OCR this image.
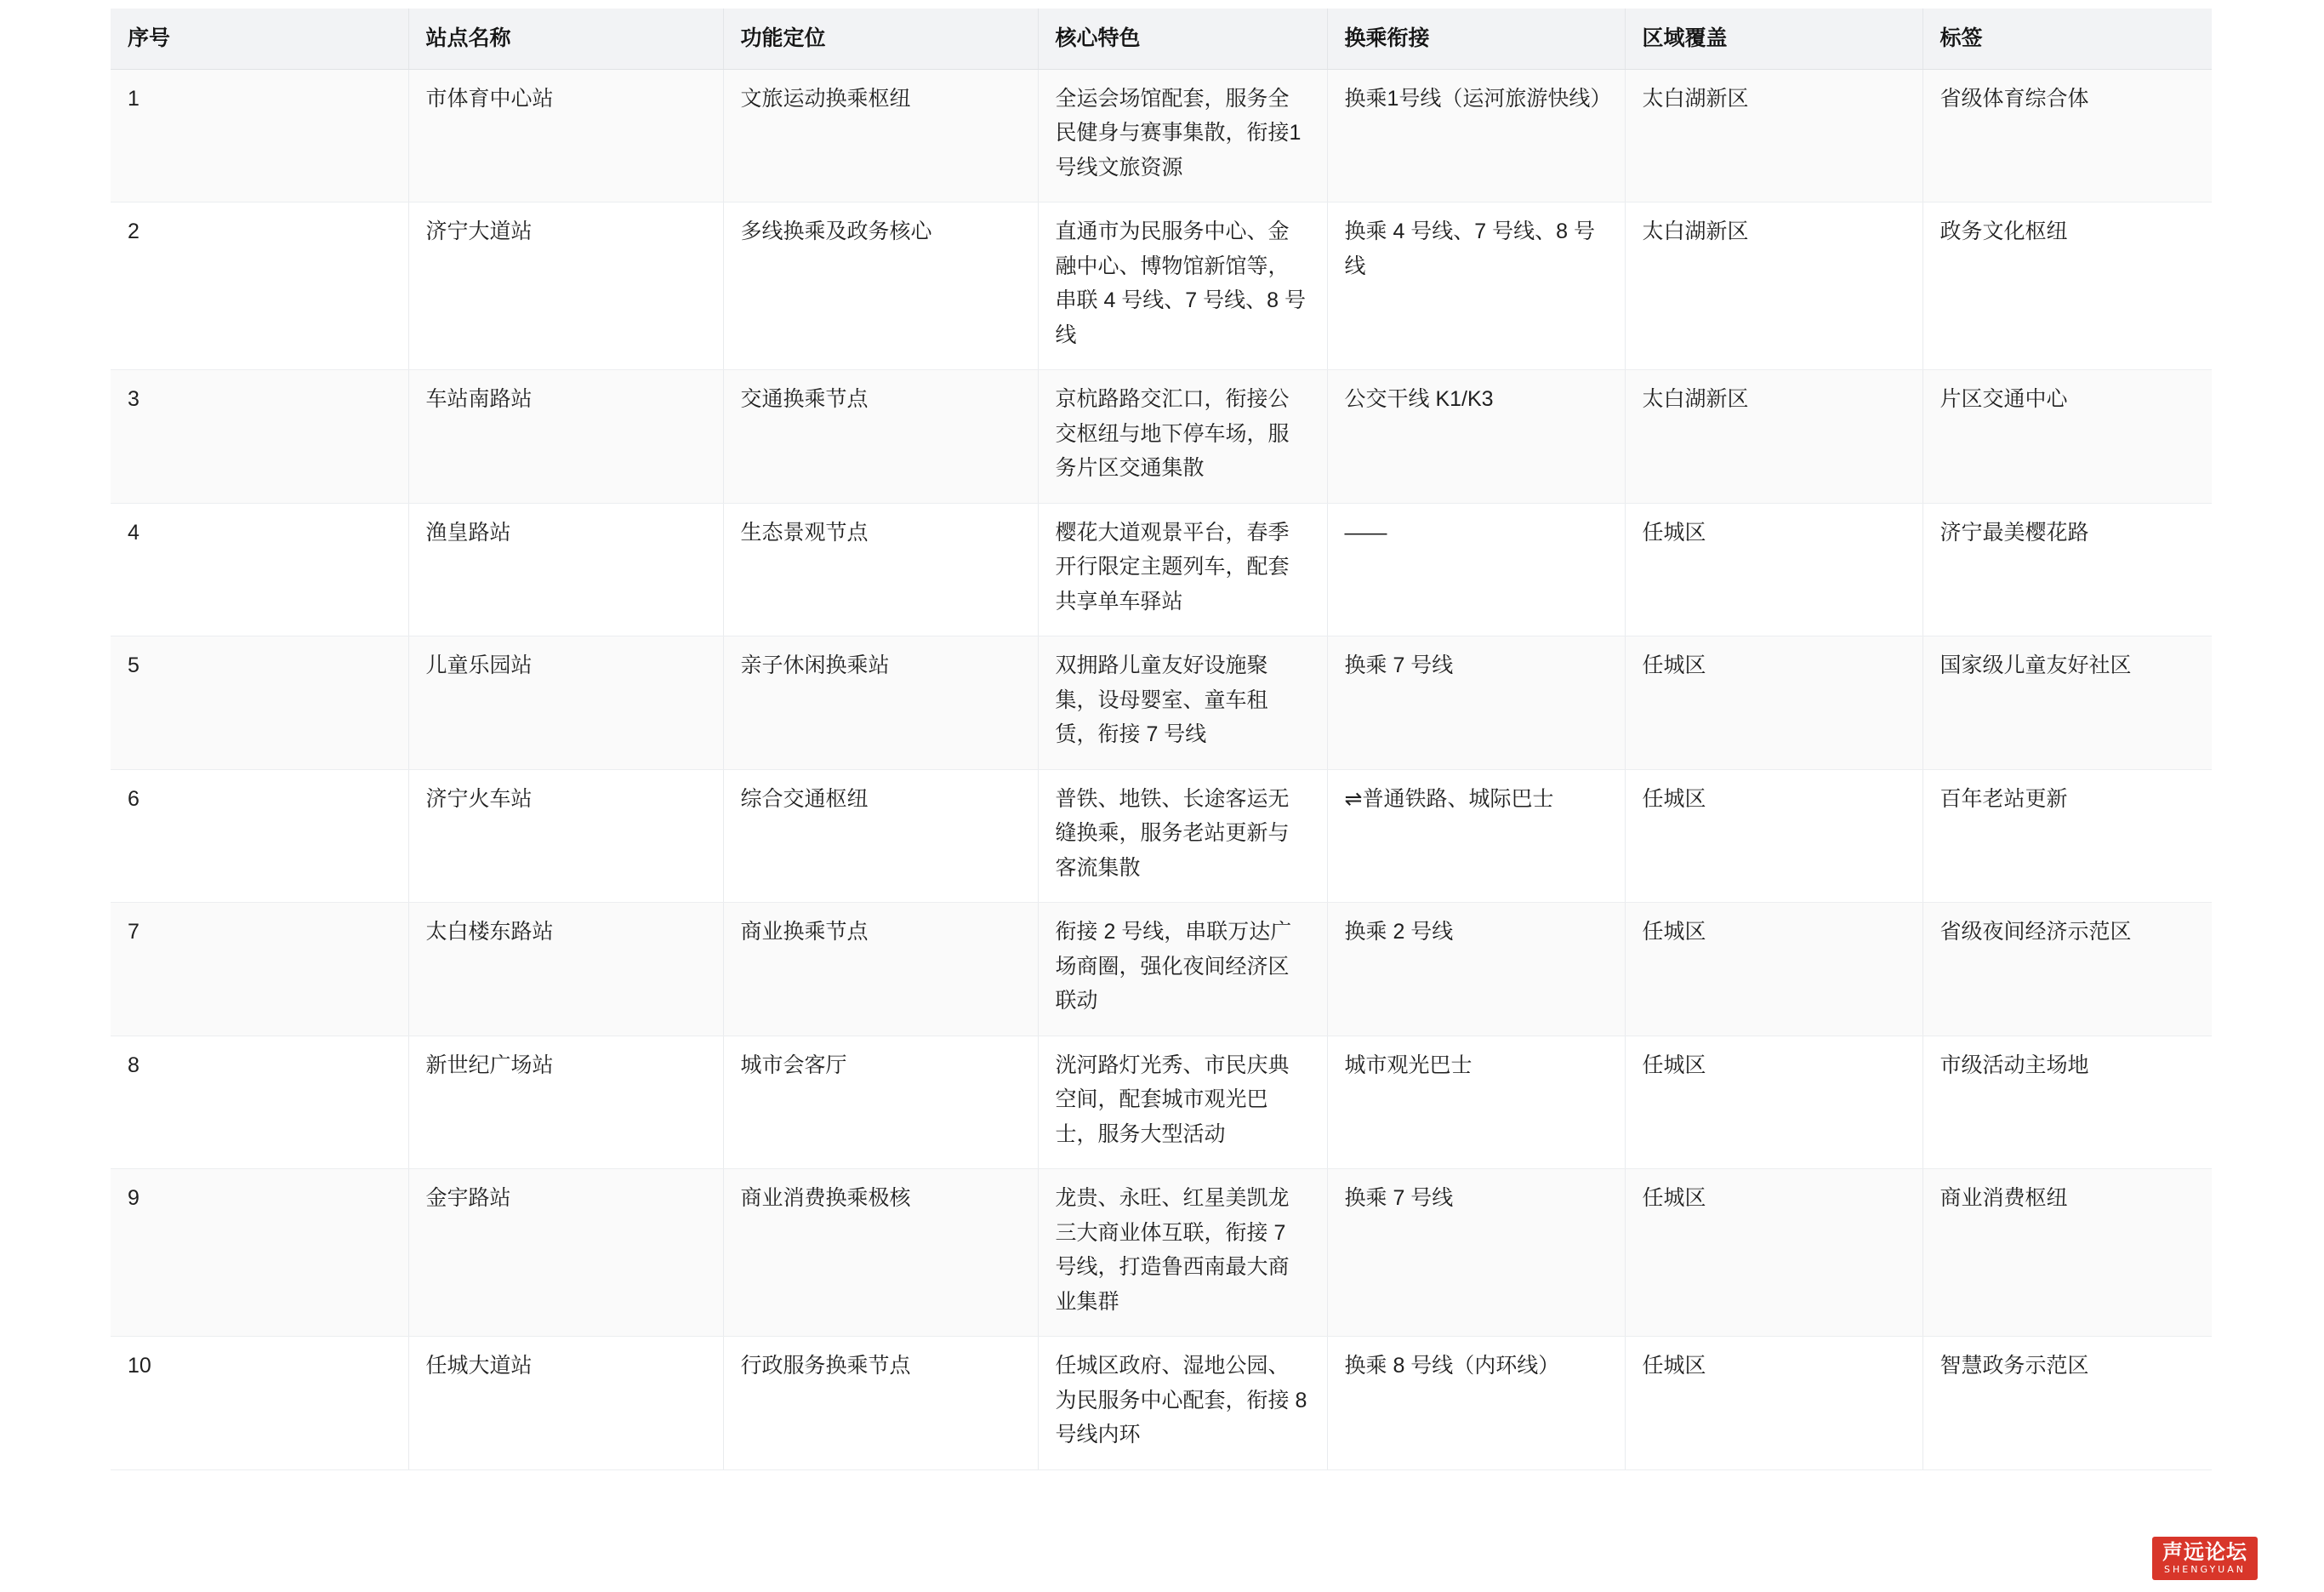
序号	站点名称	功能定位	核心特色	换乘衔接	区域覆盖	标签
1	市体育中心站	文旅运动换乘枢纽	全运会场馆配套，服务全民健身与赛事集散，衔接1号线文旅资源	换乘1号线（运河旅游快线）	太白湖新区	省级体育综合体
2	济宁大道站	多线换乘及政务核心	直通市为民服务中心、金融中心、博物馆新馆等，串联 4 号线、7 号线、8 号线	换乘 4 号线、7 号线、8 号线	太白湖新区	政务文化枢纽
3	车站南路站	交通换乘节点	京杭路路交汇口，衔接公交枢纽与地下停车场，服务片区交通集散	公交干线 K1/K3	太白湖新区	片区交通中心
4	渔皇路站	生态景观节点	樱花大道观景平台，春季开行限定主题列车，配套共享单车驿站	——	任城区	济宁最美樱花路
5	儿童乐园站	亲子休闲换乘站	双拥路儿童友好设施聚集，设母婴室、童车租赁，衔接 7 号线	换乘 7 号线	任城区	国家级儿童友好社区
6	济宁火车站	综合交通枢纽	普铁、地铁、长途客运无缝换乘，服务老站更新与客流集散	⇌普通铁路、城际巴士	任城区	百年老站更新
7	太白楼东路站	商业换乘节点	衔接 2 号线，串联万达广场商圈，强化夜间经济区联动	换乘 2 号线	任城区	省级夜间经济示范区
8	新世纪广场站	城市会客厅	洸河路灯光秀、市民庆典空间，配套城市观光巴士，服务大型活动	城市观光巴士	任城区	市级活动主场地
9	金宇路站	商业消费换乘极核	龙贵、永旺、红星美凯龙三大商业体互联，衔接 7 号线，打造鲁西南最大商业集群	换乘 7 号线	任城区	商业消费枢纽
10	任城大道站	行政服务换乘节点	任城区政府、湿地公园、为民服务中心配套，衔接 8 号线内环	换乘 8 号线（内环线）	任城区	智慧政务示范区
声远论坛
SHENGYUAN
